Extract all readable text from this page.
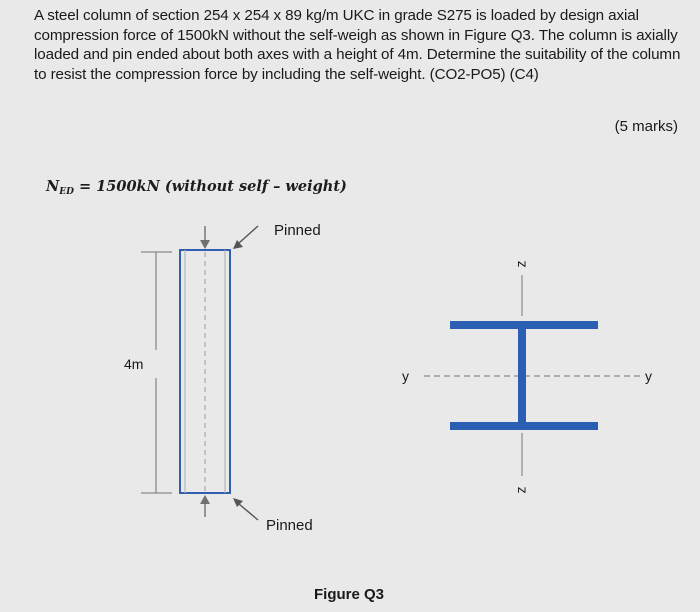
A steel column of section 254 x 254 x 89 kg/m UKC in grade S275 is loaded by design axial compression force of 1500kN without the self-weigh as shown in Figure Q3. The column is axially loaded and pin ended about both axes with a height of 4m. Determine the suitability of the column to resist the compression force by including the self-weight. (CO2-PO5) (C4)
(5 marks)
$N_{ED} = 1500kN$ (without self – weight)
Pinned
Pinned
4m
z
z
y	y
Figure Q3
